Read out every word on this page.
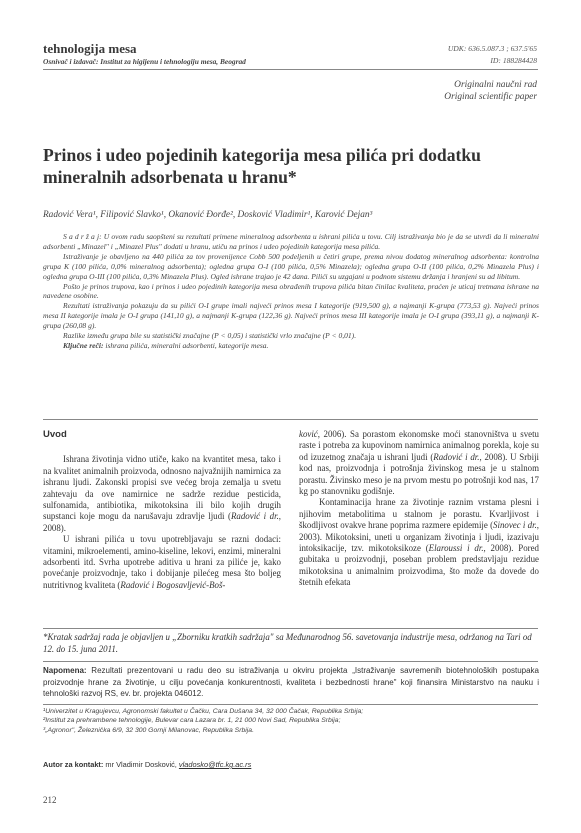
tehnologija mesa
Osnivač i izdavač: Institut za higijenu i tehnologiju mesa, Beograd
UDK: 636.5.087.3 ; 637.5'65
ID: 188284428
Originalni naučni rad
Original scientific paper
Prinos i udeo pojedinih kategorija mesa pilića pri dodatku mineralnih adsorbenata u hranu*
Radović Vera¹, Filipović Slavko¹, Okanović Đorđe², Dosković Vladimir¹, Karović Dejan³

S a d r ž a j: U ovom radu saopšteni su rezultati primene mineralnog adsorbenta u ishrani pilića u tovu. Cilj istraživanja bio je da se utvrdi da li mineralni adsorbenti „Minazel" i „Minazel Plus" dodati u hranu, utiču na prinos i udeo pojedinih kategorija mesa pilića.

Istraživanje je obavljeno na 440 pilića za tov provenijence Cobb 500 podeljenih u četiri grupe, prema nivou dodatog mineralnog adsorbenta: kontrolna grupa K (100 pilića, 0,0% mineralnog adsorbenta); ogledna grupa O-I (100 pilića, 0,5% Minazela); ogledna grupa O-II (100 pilića, 0,2% Minazela Plus) i ogledna grupa O-III (100 pilića, 0,3% Minazela Plus). Ogled ishrane trajao je 42 dana. Pilići su uzgajani u podnom sistemu držanja i hranjeni su ad libitum.

Pošto je prinos trupova, kao i prinos i udeo pojedinih kategorija mesa obrađenih trupova pilića bitan činilac kvaliteta, praćen je uticaj tretmana ishrane na navedene osobine.

Rezultati istraživanja pokazuju da su pilići O-I grupe imali najveći prinos mesa I kategorije (919,500 g), a najmanji K-grupa (773,53 g). Najveći prinos mesa II kategorije imala je O-I grupa (141,10 g), a najmanji K-grupa (122,36 g). Najveći prinos mesa III kategorije imala je O-I grupa (393,11 g), a najmanji K-grupa (260,08 g).

Razlike između grupa bile su statistički značajne (P < 0,05) i statistički vrlo značajne (P < 0,01).

Ključne reči: ishrana pilića, mineralni adsorbenti, kategorije mesa.

Uvod

Ishrana životinja vidno utiče, kako na kvantitet mesa, tako i na kvalitet animalnih proizvoda, odnosno najvažnijih namirnica za ishranu ljudi. Zakonski propisi sve većeg broja zemalja u svetu zahtevaju da ove namirnice ne sadrže rezidue pesticida, sulfonamida, antibiotika, mikotoksina ili bilo kojih drugih supstanci koje mogu da narušavaju zdravlje ljudi (Radović i dr., 2008).

U ishrani pilića u tovu upotrebljavaju se razni dodaci: vitamini, mikroelementi, amino-kiseline, lekovi, enzimi, mineralni adsorbenti itd. Svrha upotrebe aditiva u hrani za piliće je, kako povećanje proizvodnje, tako i dobijanje pilećeg mesa što boljeg nutritivnog kvaliteta (Radović i Bogosavljević-Boš-

ković, 2006). Sa porastom ekonomske moći stanovništva u svetu raste i potreba za kupovinom namirnica animalnog porekla, koje su od izuzetnog značaja u ishrani ljudi (Radović i dr., 2008). U Srbiji kod nas, proizvodnja i potrošnja živinskog mesa je u stalnom porastu. Živinsko meso je na prvom mestu po potrošnji kod nas, 17 kg po stanovniku godišnje.

Kontaminacija hrane za životinje raznim vrstama plesni i njihovim metabolitima u stalnom je porastu. Kvarljivost i škodljivost ovakve hrane poprima razmere epidemije (Sinovec i dr., 2003). Mikotoksini, uneti u organizam životinja i ljudi, izazivaju intoksikacije, tzv. mikotoksikoze (Elaroussi i dr., 2008). Pored gubitaka u proizvodnji, poseban problem predstavljaju rezidue mikotoksina u animalnim proizvodima, što može da dovede do štetnih efekata

*Kratak sadržaj rada je objavljen u „Zborniku kratkih sadržaja" sa Međunarodnog 56. savetovanja industrije mesa, održanog na Tari od 12. do 15. juna 2011.
Napomena: Rezultati prezentovani u radu deo su istraživanja u okviru projekta „Istraživanje savremenih biotehnoloških postupaka proizvodnje hrane za životinje, u cilju povećanja konkurentnosti, kvaliteta i bezbednosti hrane" koji finansira Ministarstvo na nauku i tehnološki razvoj RS, ev. br. projekta 046012.
¹Univerzitet u Kragujevcu, Agronomski fakultet u Čačku, Cara Dušana 34, 32 000 Čačak, Republika Srbija;
²Institut za prehrambene tehnologije, Bulevar cara Lazara br. 1, 21 000 Novi Sad, Republika Srbija;
³„Agronor", Železnička 6/9, 32 300 Gornji Milanovac, Republika Srbija.
Autor za kontakt: mr Vladimir Dosković, vladosko@tfc.kg.ac.rs
212
